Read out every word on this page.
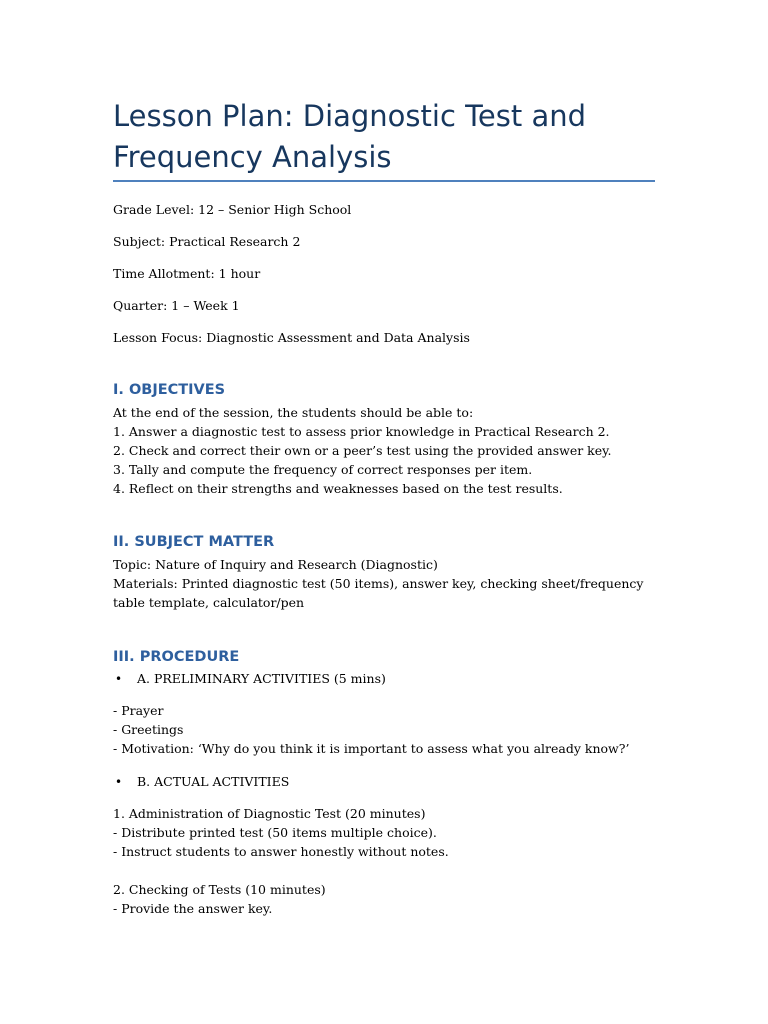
Lesson Plan: Diagnostic Test and Frequency Analysis
Grade Level: 12 – Senior High School
Subject: Practical Research 2
Time Allotment: 1 hour
Quarter: 1 – Week 1
Lesson Focus: Diagnostic Assessment and Data Analysis
I. OBJECTIVES
At the end of the session, the students should be able to:
1. Answer a diagnostic test to assess prior knowledge in Practical Research 2.
2. Check and correct their own or a peer’s test using the provided answer key.
3. Tally and compute the frequency of correct responses per item.
4. Reflect on their strengths and weaknesses based on the test results.
II. SUBJECT MATTER
Topic: Nature of Inquiry and Research (Diagnostic)
Materials: Printed diagnostic test (50 items), answer key, checking sheet/frequency table template, calculator/pen
III. PROCEDURE
• A. PRELIMINARY ACTIVITIES (5 mins)
- Prayer
- Greetings
- Motivation: ‘Why do you think it is important to assess what you already know?’
• B. ACTUAL ACTIVITIES
1. Administration of Diagnostic Test (20 minutes)
- Distribute printed test (50 items multiple choice).
- Instruct students to answer honestly without notes.
2. Checking of Tests (10 minutes)
- Provide the answer key.
